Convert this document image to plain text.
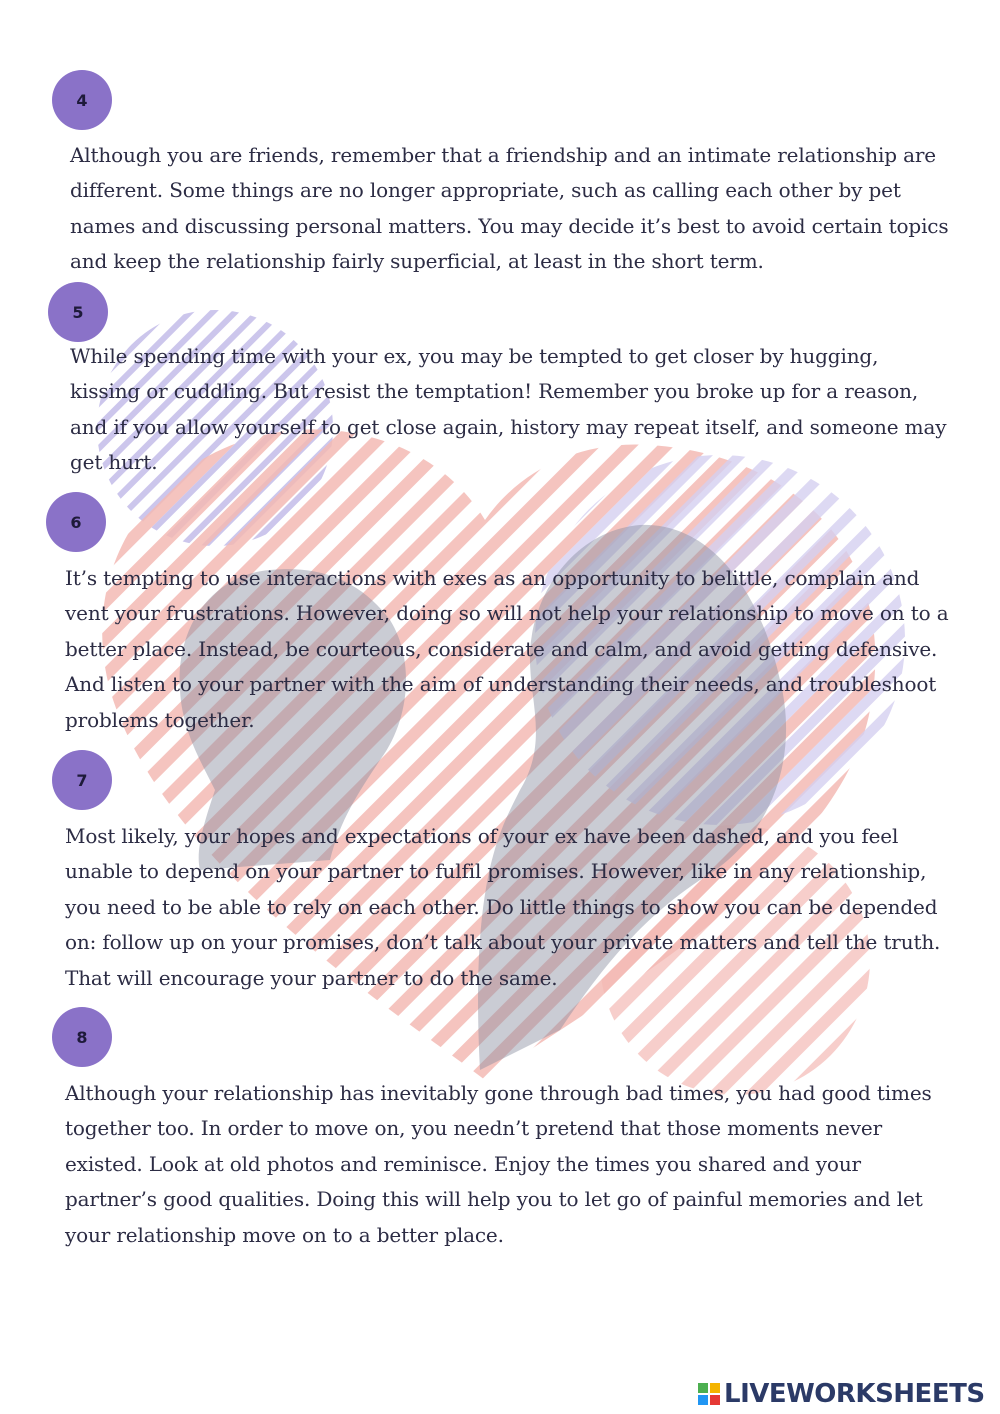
4

Although you are friends, remember that a friendship and an intimate relationship are different. Some things are no longer appropriate, such as calling each other by pet names and discussing personal matters. You may decide it’s best to avoid certain topics and keep the relationship fairly superficial, at least in the short term.

5

While spending time with your ex, you may be tempted to get closer by hugging, kissing or cuddling. But resist the temptation! Remember you broke up for a reason, and if you allow yourself to get close again, history may repeat itself, and someone may get hurt.

6

It’s tempting to use interactions with exes as an opportunity to belittle, complain and vent your frustrations. However, doing so will not help your relationship to move on to a better place. Instead, be courteous, considerate and calm, and avoid getting defensive. And listen to your partner with the aim of understanding their needs, and troubleshoot problems together.

7

Most likely, your hopes and expectations of your ex have been dashed, and you feel unable to depend on your partner to fulfil promises. However, like in any relationship, you need to be able to rely on each other. Do little things to show you can be depended on: follow up on your promises, don’t talk about your private matters and tell the truth. That will encourage your partner to do the same.

8

Although your relationship has inevitably gone through bad times, you had good times together too. In order to move on, you needn’t pretend that those moments never existed. Look at old photos and reminisce. Enjoy the times you shared and your partner’s good qualities. Doing this will help you to let go of painful memories and let your relationship move on to a better place.

LIVEWORKSHEETS
